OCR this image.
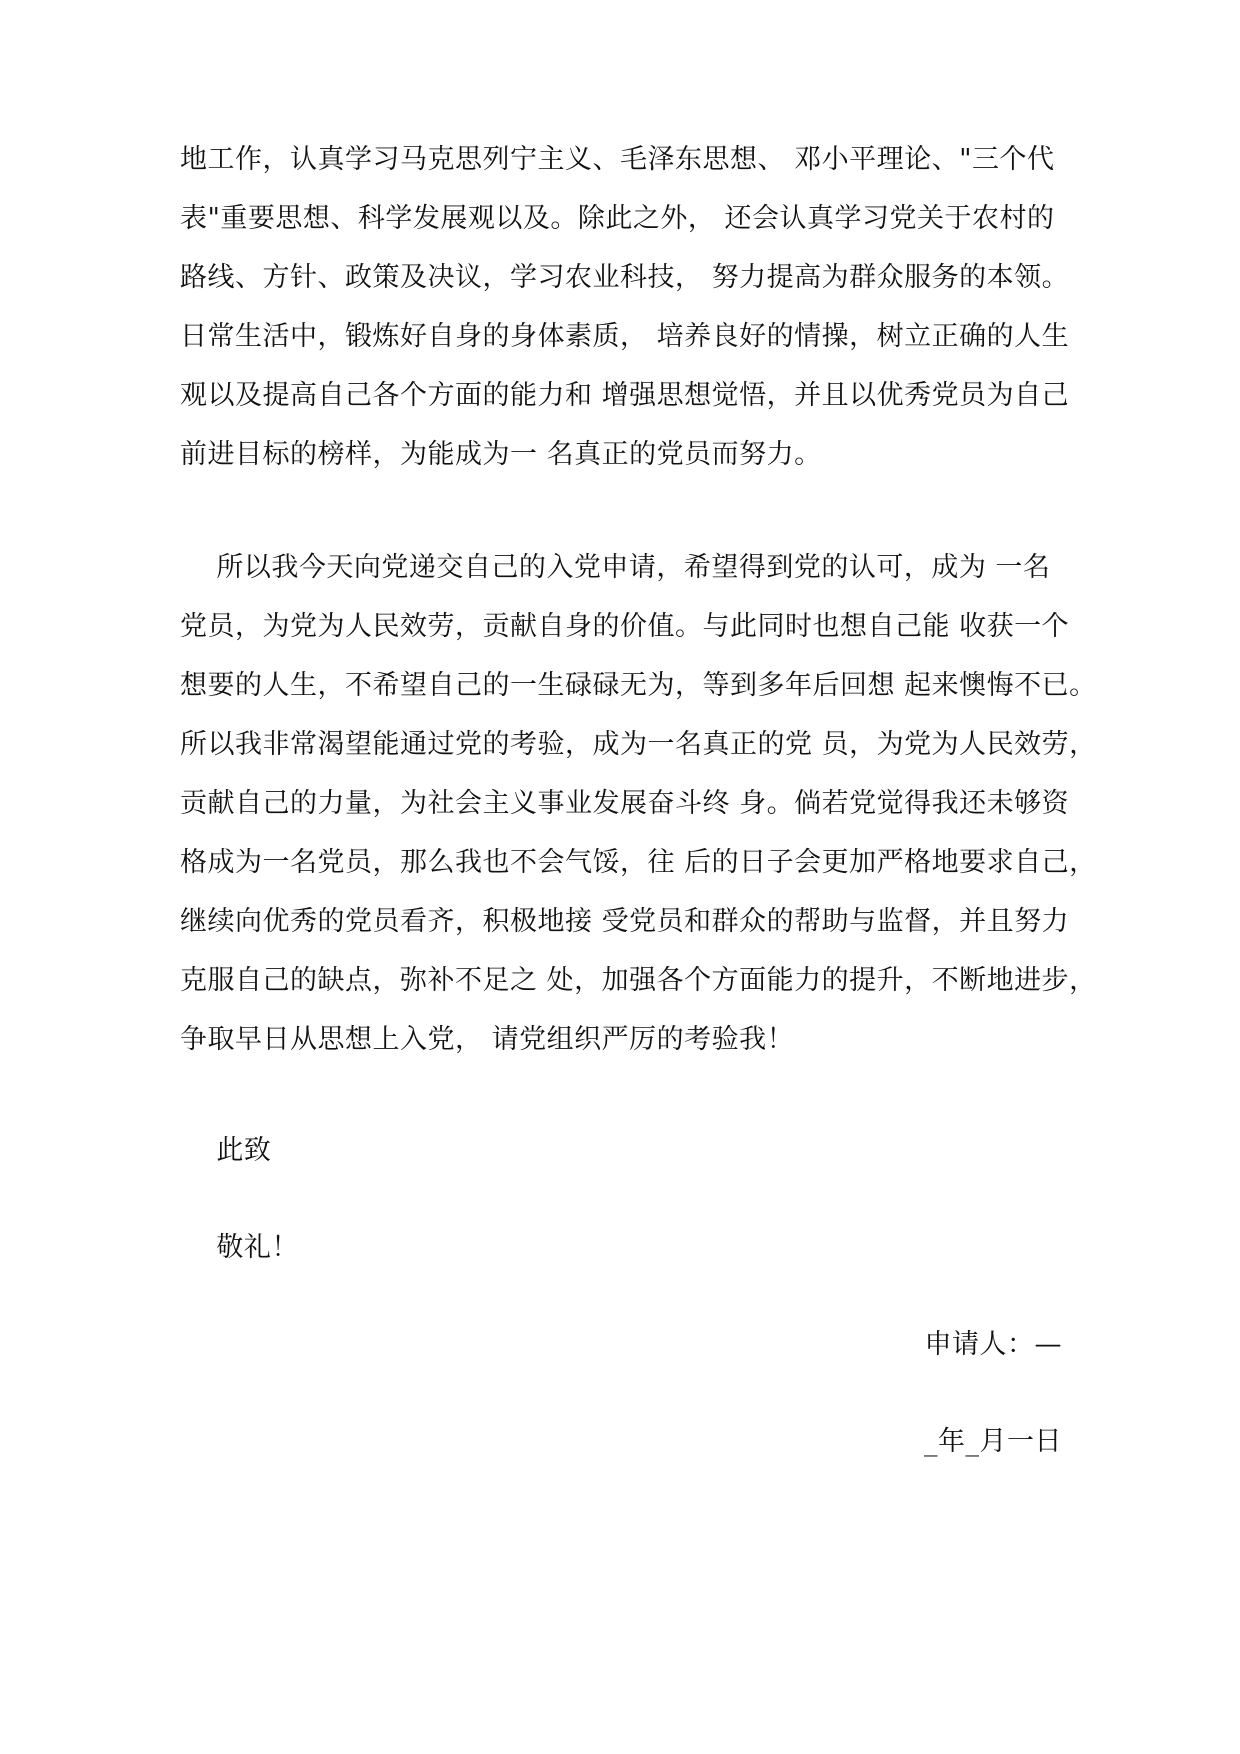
地工作，认真学习马克思列宁主义、毛泽东思想、 邓小平理论、"三个代
表"重要思想、科学发展观以及。除此之外， 还会认真学习党关于农村的
路线、方针、政策及决议，学习农业科技， 努力提高为群众服务的本领。
日常生活中，锻炼好自身的身体素质， 培养良好的情操，树立正确的人生
观以及提高自己各个方面的能力和 增强思想觉悟，并且以优秀党员为自己
前进目标的榜样，为能成为一 名真正的党员而努力。
所以我今天向党递交自己的入党申请，希望得到党的认可，成为 一名
党员，为党为人民效劳，贡献自身的价值。与此同时也想自己能 收获一个
想要的人生，不希望自己的一生碌碌无为，等到多年后回想 起来懊悔不已。
所以我非常渴望能通过党的考验，成为一名真正的党 员，为党为人民效劳，
贡献自己的力量，为社会主义事业发展奋斗终 身。倘若党觉得我还未够资
格成为一名党员，那么我也不会气馁，往 后的日子会更加严格地要求自己，
继续向优秀的党员看齐，积极地接 受党员和群众的帮助与监督，并且努力
克服自己的缺点，弥补不足之 处，加强各个方面能力的提升，不断地进步，
争取早日从思想上入党， 请党组织严厉的考验我！
此致
敬礼！
申请人：—
_年_月一日
